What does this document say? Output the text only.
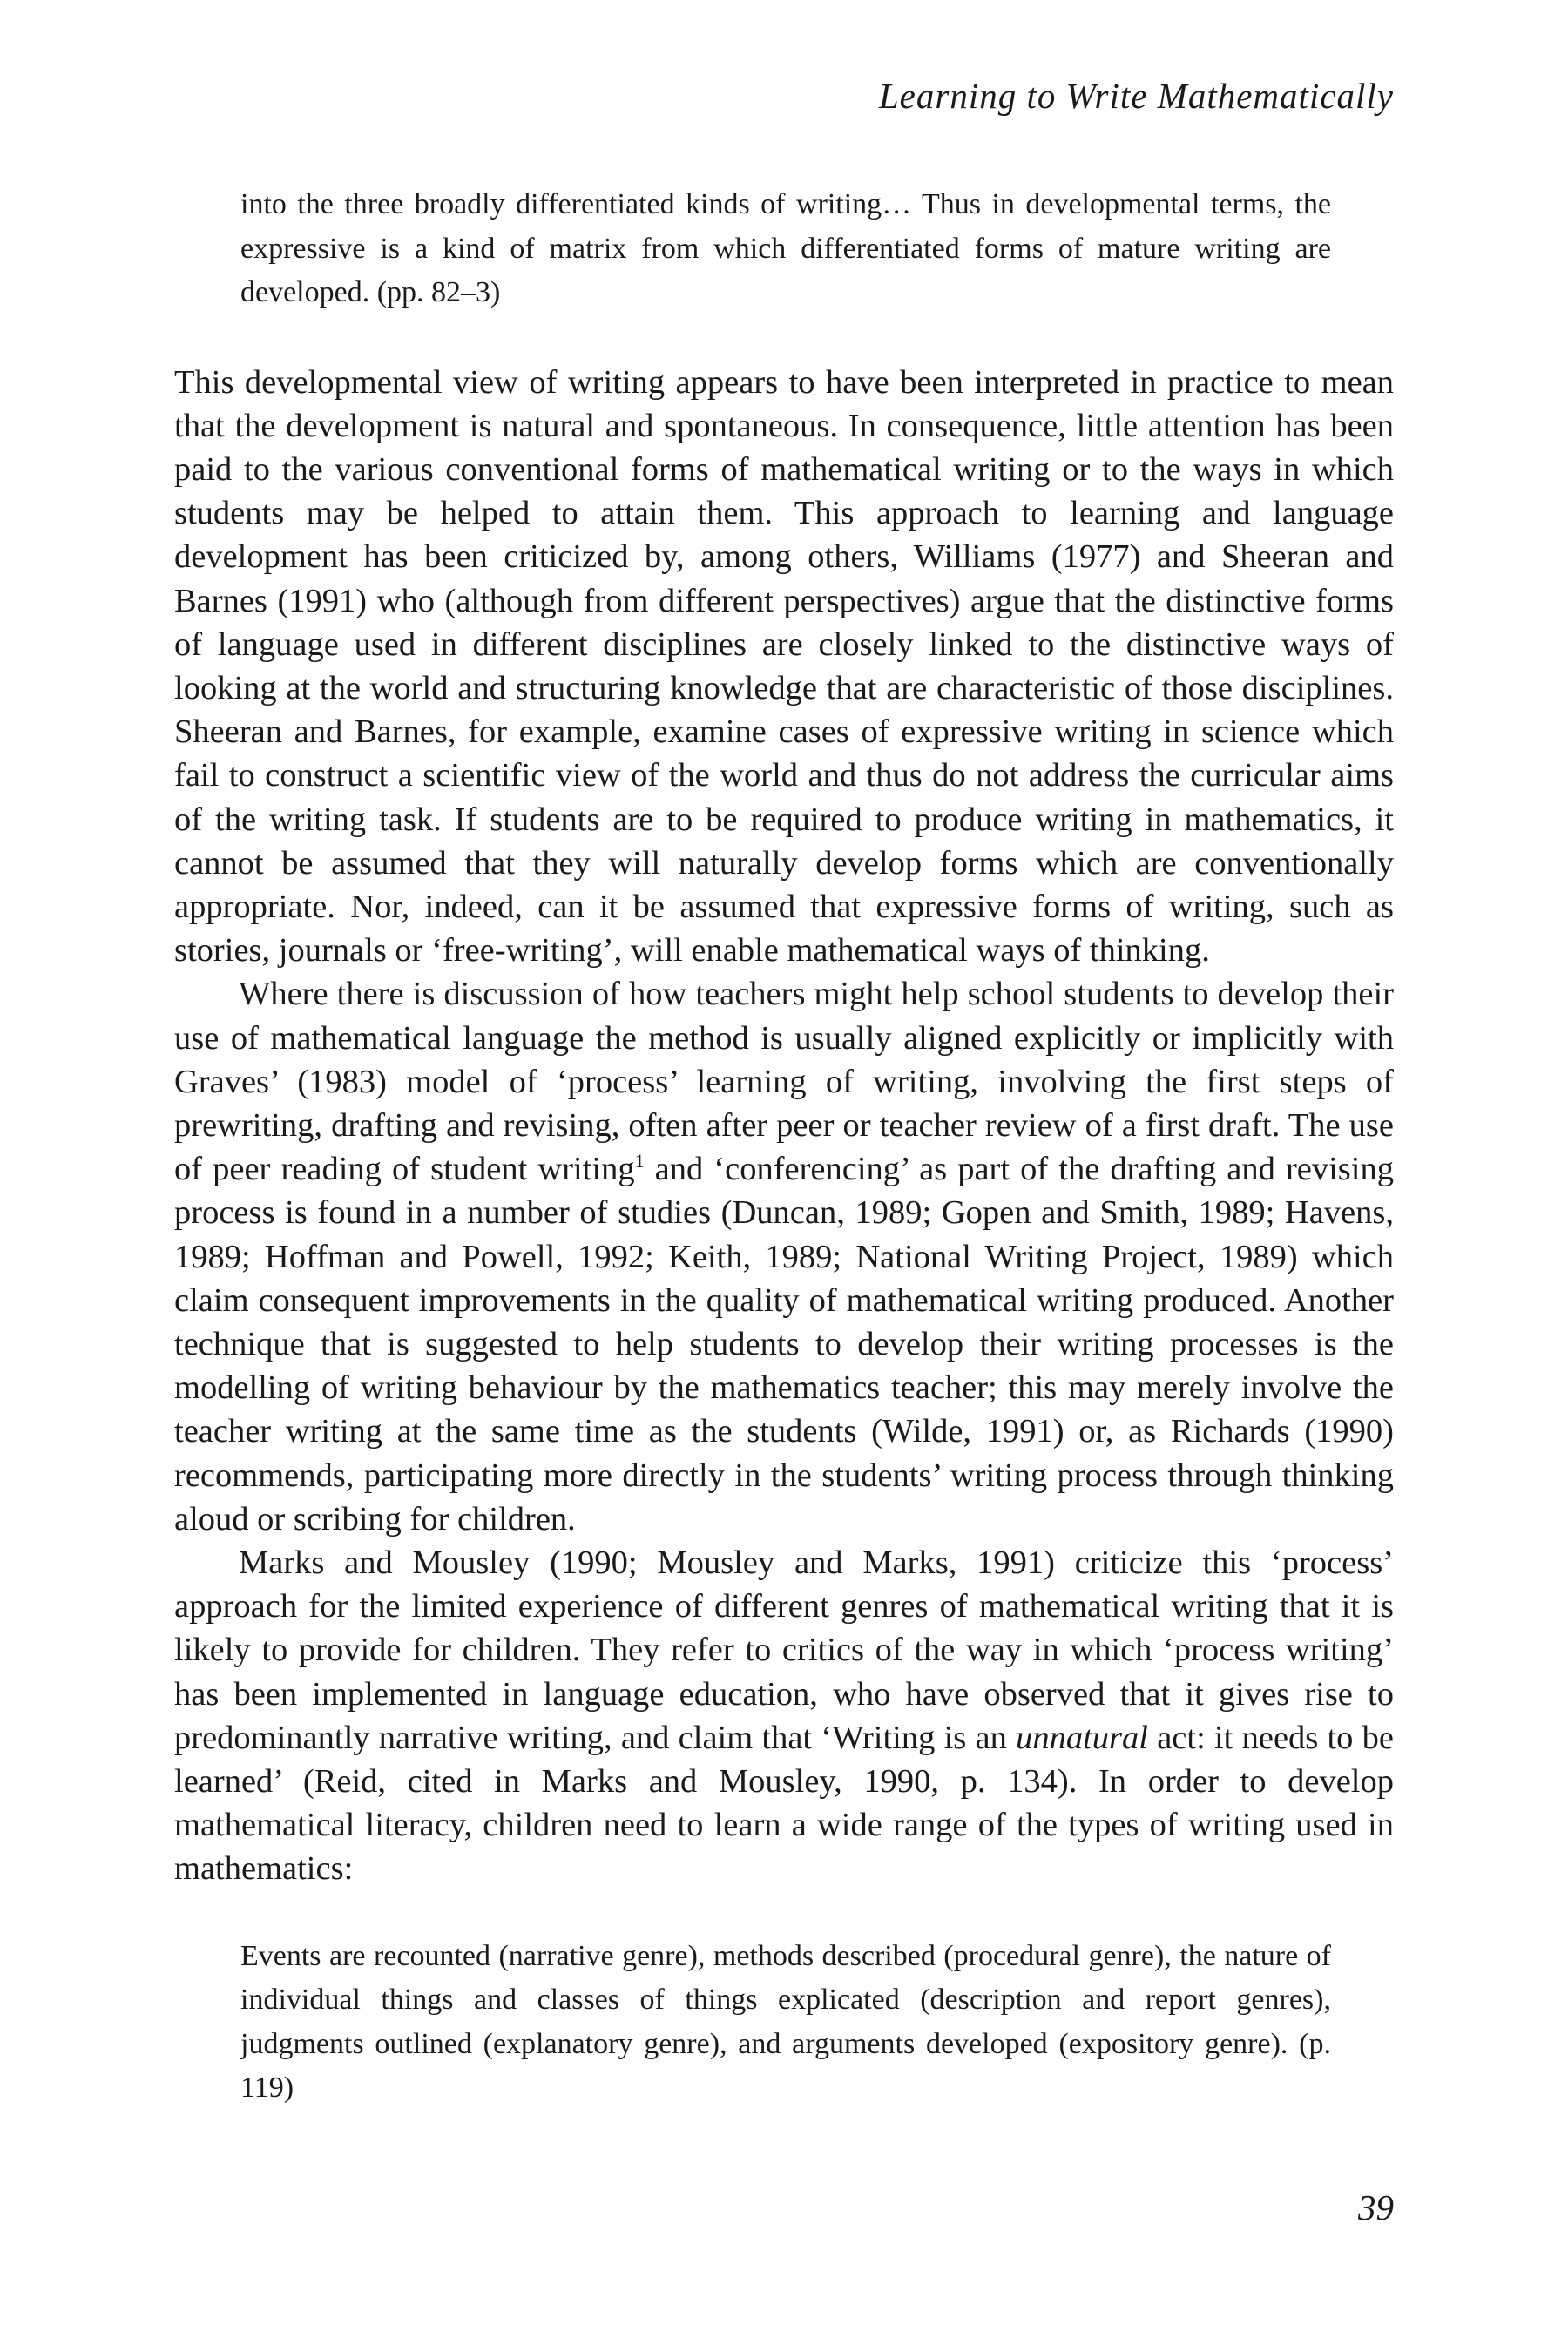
Learning to Write Mathematically

into the three broadly differentiated kinds of writing… Thus in developmental terms, the expressive is a kind of matrix from which differentiated forms of mature writing are developed. (pp. 82–3)

This developmental view of writing appears to have been interpreted in practice to mean that the development is natural and spontaneous. In consequence, little attention has been paid to the various conventional forms of mathematical writing or to the ways in which students may be helped to attain them. This approach to learning and language development has been criticized by, among others, Williams (1977) and Sheeran and Barnes (1991) who (although from different perspectives) argue that the distinctive forms of language used in different disciplines are closely linked to the distinctive ways of looking at the world and structuring knowledge that are characteristic of those disciplines. Sheeran and Barnes, for example, examine cases of expressive writing in science which fail to construct a scientific view of the world and thus do not address the curricular aims of the writing task. If students are to be required to produce writing in mathematics, it cannot be assumed that they will naturally develop forms which are conventionally appropriate. Nor, indeed, can it be assumed that expressive forms of writing, such as stories, journals or ‘free-writing’, will enable mathematical ways of thinking.

Where there is discussion of how teachers might help school students to develop their use of mathematical language the method is usually aligned explicitly or implicitly with Graves’ (1983) model of ‘process’ learning of writing, involving the first steps of prewriting, drafting and revising, often after peer or teacher review of a first draft. The use of peer reading of student writing$^1$ and ‘conferencing’ as part of the drafting and revising process is found in a number of studies (Duncan, 1989; Gopen and Smith, 1989; Havens, 1989; Hoffman and Powell, 1992; Keith, 1989; National Writing Project, 1989) which claim consequent improvements in the quality of mathematical writing produced. Another technique that is suggested to help students to develop their writing processes is the modelling of writing behaviour by the mathematics teacher; this may merely involve the teacher writing at the same time as the students (Wilde, 1991) or, as Richards (1990) recommends, participating more directly in the students’ writing process through thinking aloud or scribing for children.

Marks and Mousley (1990; Mousley and Marks, 1991) criticize this ‘process’ approach for the limited experience of different genres of mathematical writing that it is likely to provide for children. They refer to critics of the way in which ‘process writing’ has been implemented in language education, who have observed that it gives rise to predominantly narrative writing, and claim that ‘Writing is an unnatural act: it needs to be learned’ (Reid, cited in Marks and Mousley, 1990, p. 134). In order to develop mathematical literacy, children need to learn a wide range of the types of writing used in mathematics:

Events are recounted (narrative genre), methods described (procedural genre), the nature of individual things and classes of things explicated (description and report genres), judgments outlined (explanatory genre), and arguments developed (expository genre). (p. 119)

39
